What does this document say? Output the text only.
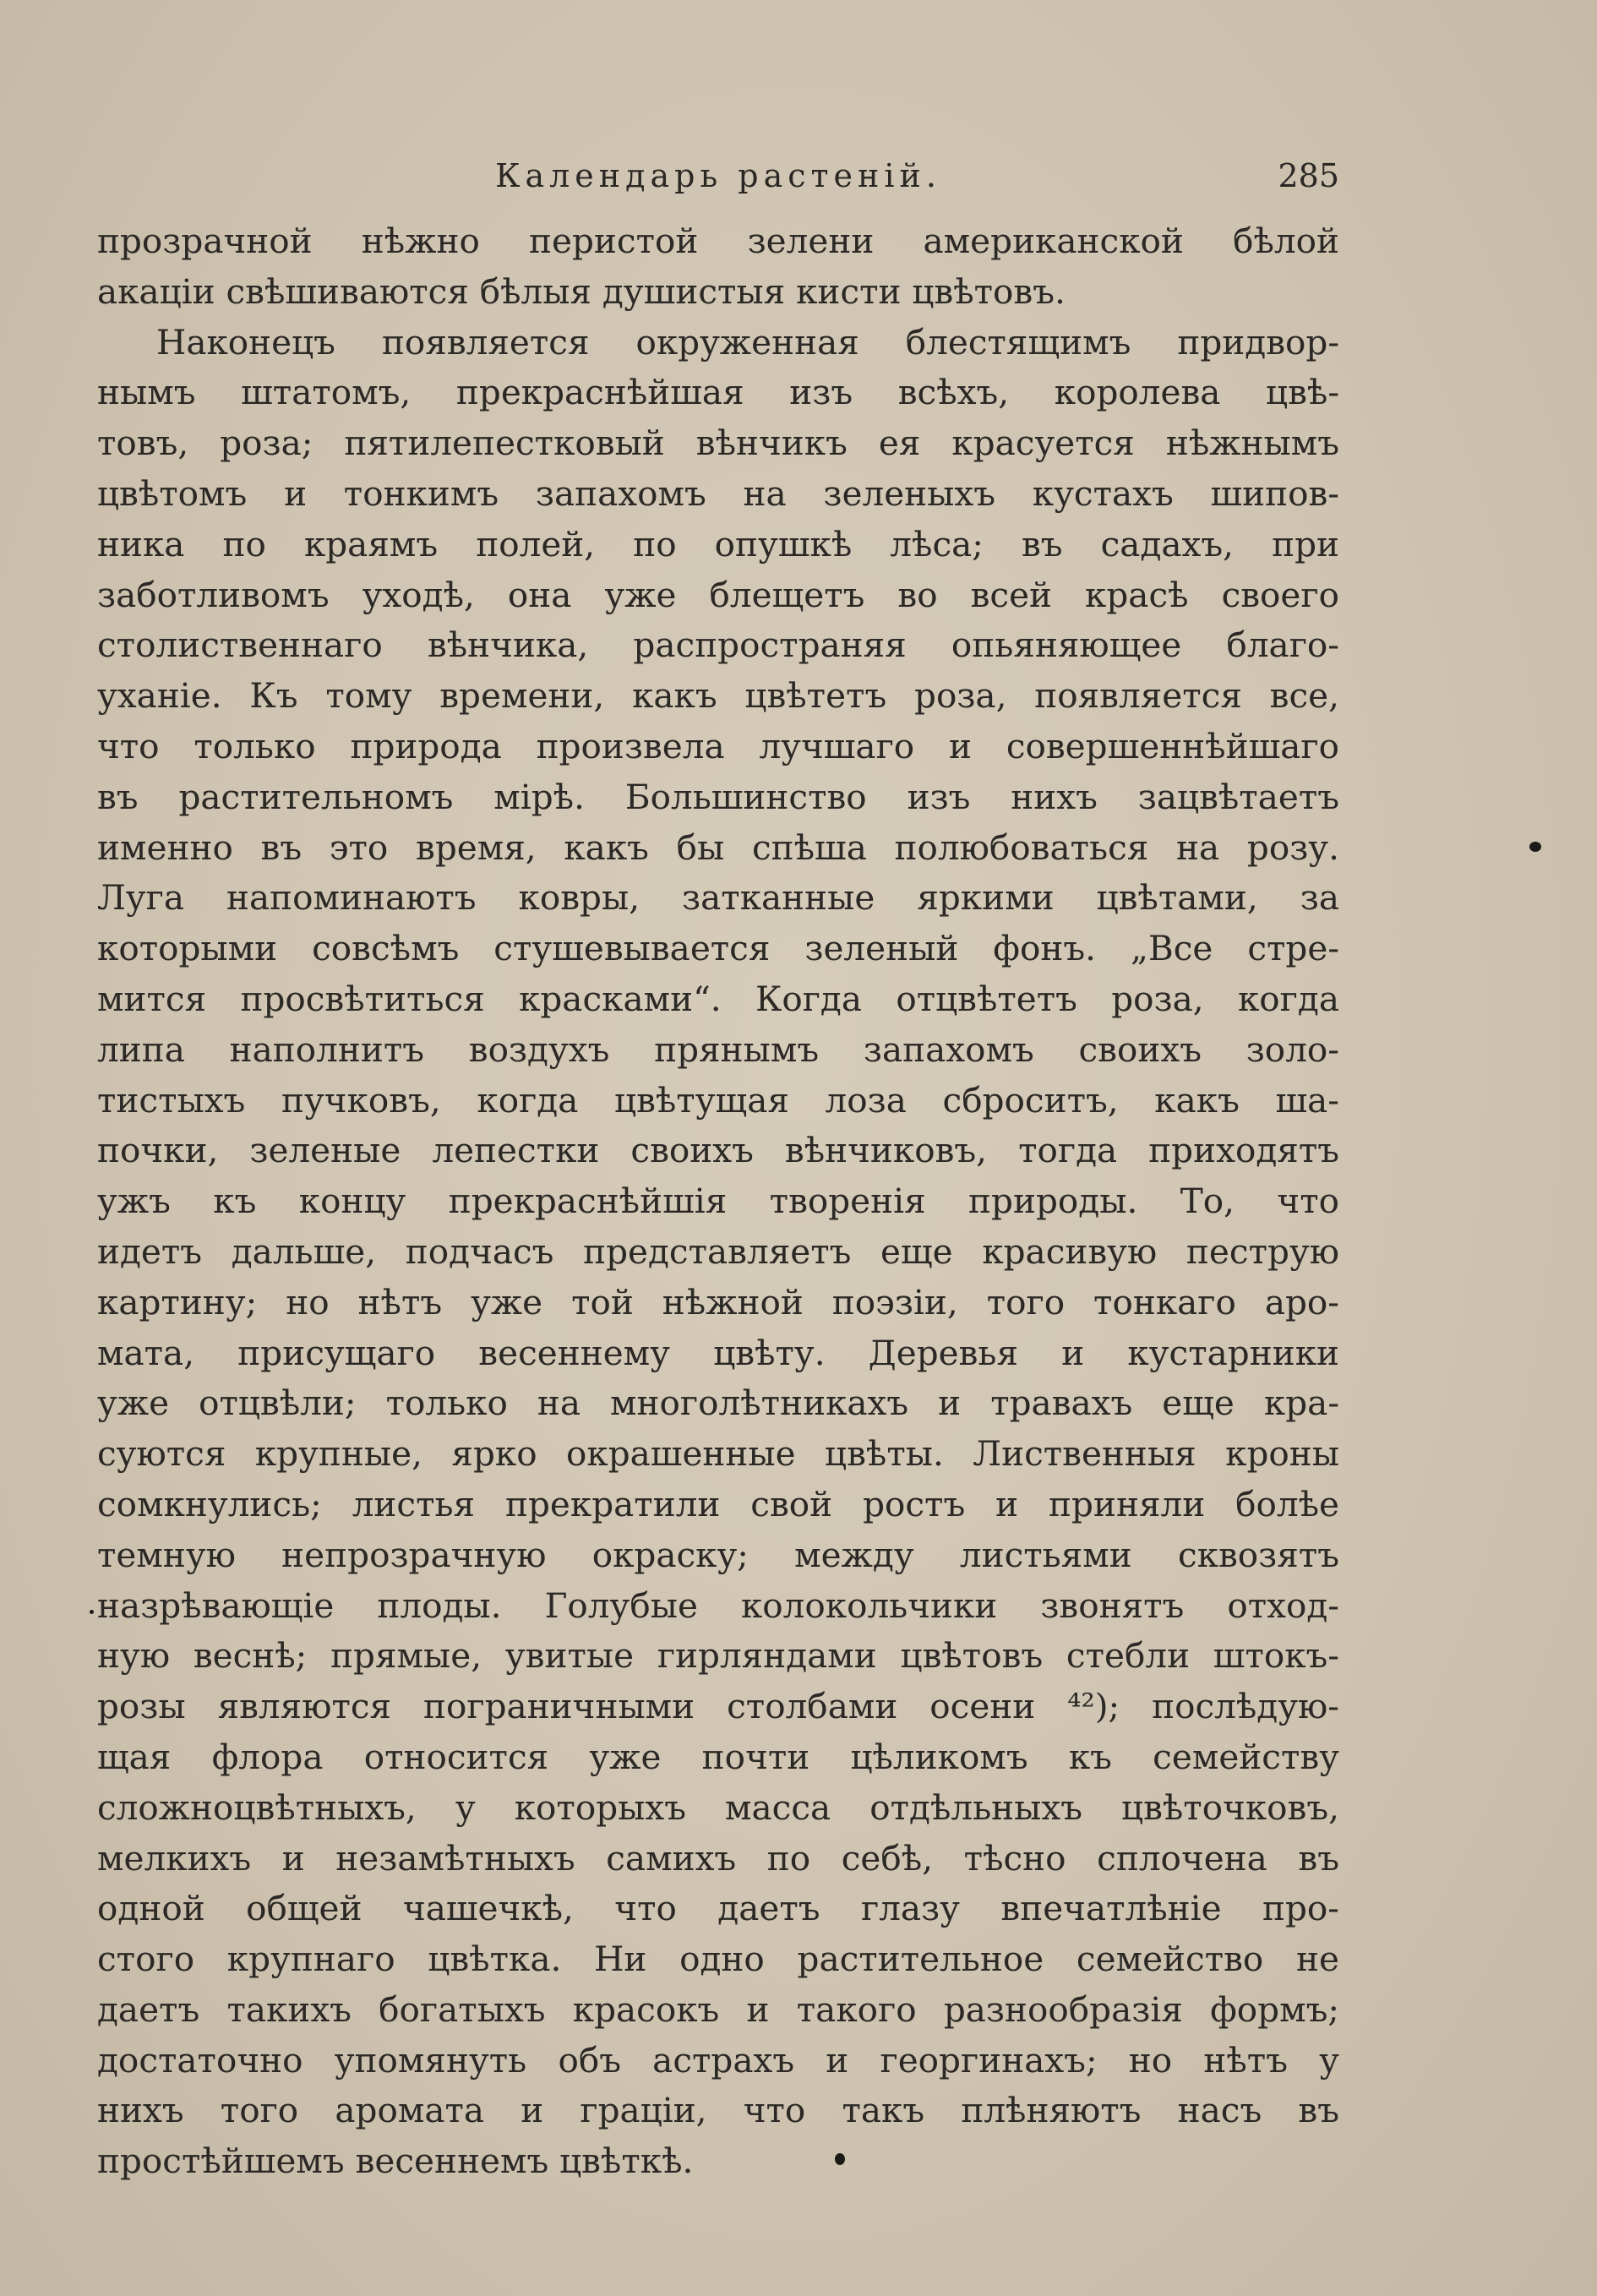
Календарь растеній.	285
прозрачной нѣжно перистой зелени американской бѣлой
акаціи свѣшиваются бѣлыя душистыя кисти цвѣтовъ.
Наконецъ появляется окруженная блестящимъ придвор-
нымъ штатомъ, прекраснѣйшая изъ всѣхъ, королева цвѣ-
товъ, роза; пятилепестковый вѣнчикъ ея красуется нѣжнымъ
цвѣтомъ и тонкимъ запахомъ на зеленыхъ кустахъ шипов-
ника по краямъ полей, по опушкѣ лѣса; въ садахъ, при
заботливомъ уходѣ, она уже блещетъ во всей красѣ своего
столиственнаго вѣнчика, распространяя опьяняющее благо-
уханіе. Къ тому времени, какъ цвѣтетъ роза, появляется все,
что только природа произвела лучшаго и совершеннѣйшаго
въ растительномъ мірѣ. Большинство изъ нихъ зацвѣтаетъ
именно въ это время, какъ бы спѣша полюбоваться на розу.
Луга напоминаютъ ковры, затканные яркими цвѣтами, за
которыми совсѣмъ стушевывается зеленый фонъ. „Все стре-
мится просвѣтиться красками“. Когда отцвѣтетъ роза, когда
липа наполнитъ воздухъ прянымъ запахомъ своихъ золо-
тистыхъ пучковъ, когда цвѣтущая лоза сброситъ, какъ ша-
почки, зеленые лепестки своихъ вѣнчиковъ, тогда приходятъ
ужъ къ концу прекраснѣйшія творенія природы. То, что
идетъ дальше, подчасъ представляетъ еще красивую пеструю
картину; но нѣтъ уже той нѣжной поэзіи, того тонкаго аро-
мата, присущаго весеннему цвѣту. Деревья и кустарники
уже отцвѣли; только на многолѣтникахъ и травахъ еще кра-
суются крупные, ярко окрашенные цвѣты. Лиственныя кроны
сомкнулись; листья прекратили свой ростъ и приняли болѣе
темную непрозрачную окраску; между листьями сквозятъ
назрѣвающіе плоды. Голубые колокольчики звонятъ отход-
ную веснѣ; прямые, увитые гирляндами цвѣтовъ стебли штокъ-
розы являются пограничными столбами осени ⁴²); послѣдую-
щая флора относится уже почти цѣликомъ къ семейству
сложноцвѣтныхъ, у которыхъ масса отдѣльныхъ цвѣточковъ,
мелкихъ и незамѣтныхъ самихъ по себѣ, тѣсно сплочена въ
одной общей чашечкѣ, что даетъ глазу впечатлѣніе про-
стого крупнаго цвѣтка. Ни одно растительное семейство не
даетъ такихъ богатыхъ красокъ и такого разнообразія формъ;
достаточно упомянуть объ астрахъ и георгинахъ; но нѣтъ у
нихъ того аромата и граціи, что такъ плѣняютъ насъ въ
простѣйшемъ весеннемъ цвѣткѣ.
